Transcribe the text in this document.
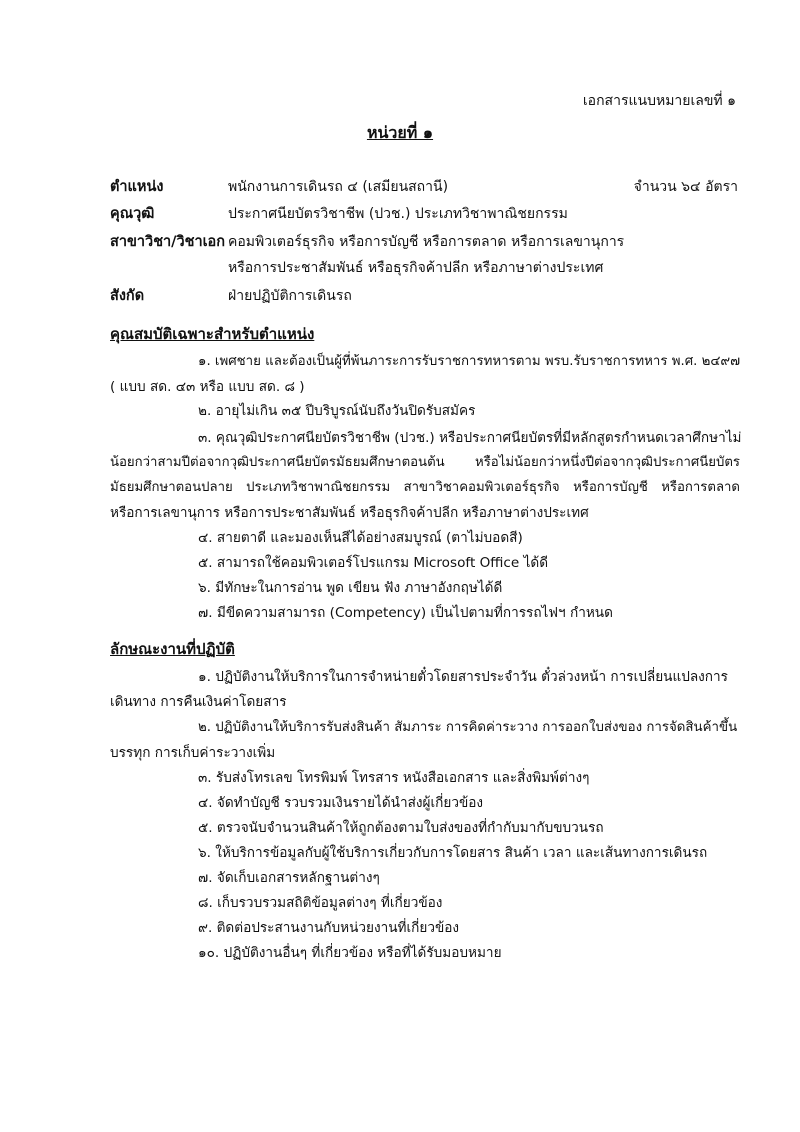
เอกสารแนบหมายเลขที่ ๑
หน่วยที่ ๑
ตำแหน่ง	พนักงานการเดินรถ ๔ (เสมียนสถานี)	จำนวน ๖๔ อัตรา
คุณวุฒิ	ประกาศนียบัตรวิชาชีพ (ปวช.) ประเภทวิชาพาณิชยกรรม
สาขาวิชา/วิชาเอก คอมพิวเตอร์ธุรกิจ หรือการบัญชี หรือการตลาด หรือการเลขานุการ
หรือการประชาสัมพันธ์ หรือธุรกิจค้าปลีก หรือภาษาต่างประเทศ
สังกัด	ฝ่ายปฏิบัติการเดินรถ
คุณสมบัติเฉพาะสำหรับตำแหน่ง
๑. เพศชาย และต้องเป็นผู้ที่พ้นภาระการรับราชการทหารตาม พรบ.รับราชการทหาร พ.ศ. ๒๔๙๗
( แบบ สด. ๔๓ หรือ แบบ สด. ๘ )
๒. อายุไม่เกิน ๓๕ ปีบริบูรณ์นับถึงวันปิดรับสมัคร
๓. คุณวุฒิประกาศนียบัตรวิชาชีพ (ปวช.) หรือประกาศนียบัตรที่มีหลักสูตรกำหนดเวลาศึกษาไม่
น้อยกว่าสามปีต่อจากวุฒิประกาศนียบัตรมัธยมศึกษาตอนต้น หรือไม่น้อยกว่าหนึ่งปีต่อจากวุฒิประกาศนียบัตร
มัธยมศึกษาตอนปลาย ประเภทวิชาพาณิชยกรรม สาขาวิชาคอมพิวเตอร์ธุรกิจ หรือการบัญชี หรือการตลาด
หรือการเลขานุการ หรือการประชาสัมพันธ์ หรือธุรกิจค้าปลีก หรือภาษาต่างประเทศ
๔. สายตาดี และมองเห็นสีได้อย่างสมบูรณ์ (ตาไม่บอดสี)
๕. สามารถใช้คอมพิวเตอร์โปรแกรม Microsoft Office ได้ดี
๖. มีทักษะในการอ่าน พูด เขียน ฟัง ภาษาอังกฤษได้ดี
๗. มีขีดความสามารถ (Competency) เป็นไปตามที่การรถไฟฯ กำหนด
ลักษณะงานที่ปฏิบัติ
๑. ปฏิบัติงานให้บริการในการจำหน่ายตั๋วโดยสารประจำวัน ตั๋วล่วงหน้า การเปลี่ยนแปลงการ
เดินทาง การคืนเงินค่าโดยสาร
๒. ปฏิบัติงานให้บริการรับส่งสินค้า สัมภาระ การคิดค่าระวาง การออกใบส่งของ การจัดสินค้าขึ้น
บรรทุก การเก็บค่าระวางเพิ่ม
๓. รับส่งโทรเลข โทรพิมพ์ โทรสาร หนังสือเอกสาร และสิ่งพิมพ์ต่างๆ
๔. จัดทำบัญชี รวบรวมเงินรายได้นำส่งผู้เกี่ยวข้อง
๕. ตรวจนับจำนวนสินค้าให้ถูกต้องตามใบส่งของที่กำกับมากับขบวนรถ
๖. ให้บริการข้อมูลกับผู้ใช้บริการเกี่ยวกับการโดยสาร สินค้า เวลา และเส้นทางการเดินรถ
๗. จัดเก็บเอกสารหลักฐานต่างๆ
๘. เก็บรวบรวมสถิติข้อมูลต่างๆ ที่เกี่ยวข้อง
๙. ติดต่อประสานงานกับหน่วยงานที่เกี่ยวข้อง
๑๐. ปฏิบัติงานอื่นๆ ที่เกี่ยวข้อง หรือที่ได้รับมอบหมาย
